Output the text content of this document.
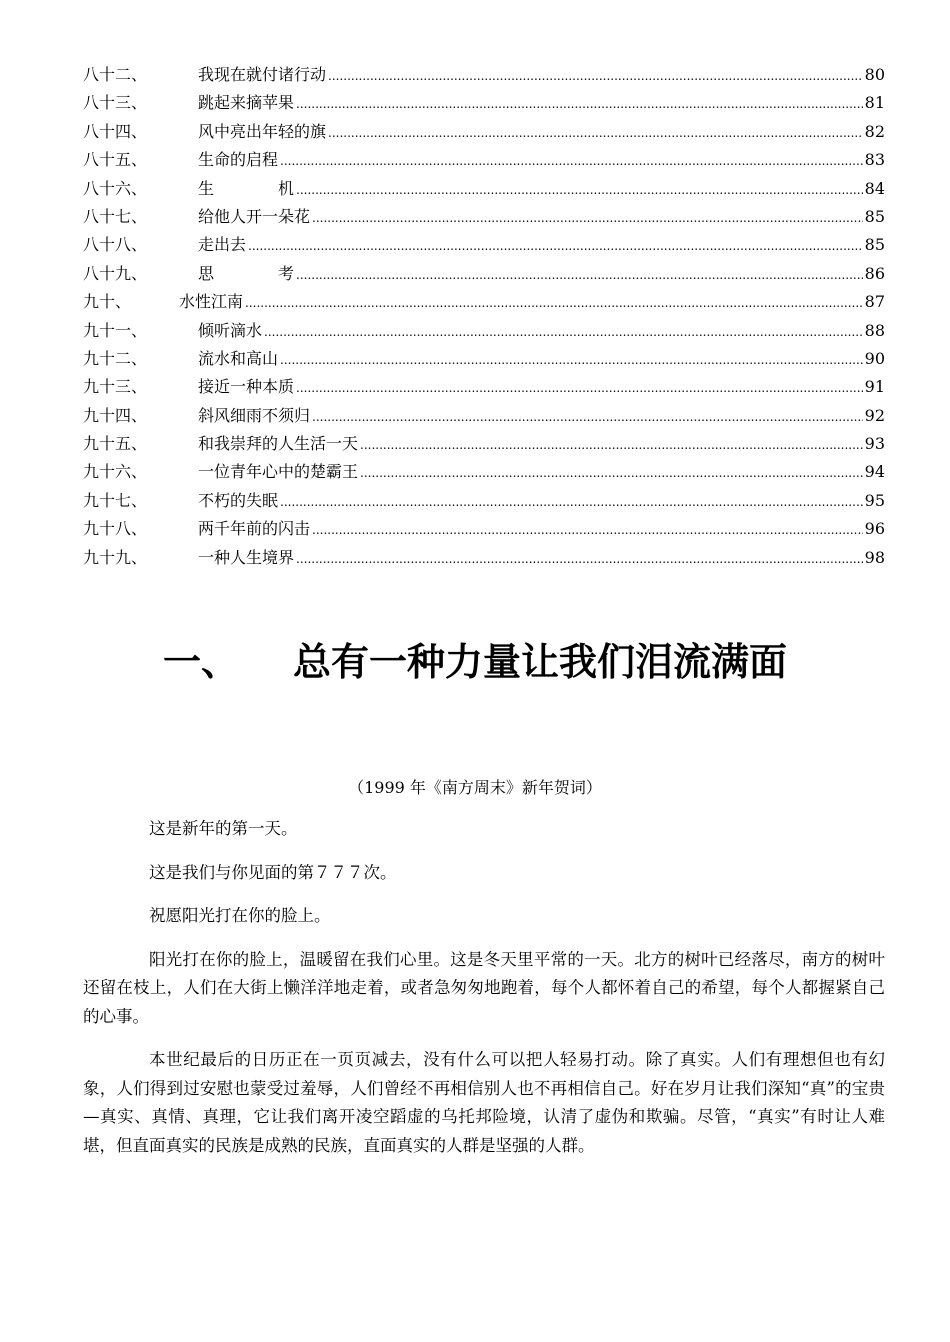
八十二、	我现在就付诸行动 .....	80
八十三、	跳起来摘苹果 .....	81
八十四、	风中亮出年轻的旗 .....	82
八十五、	生命的启程 .....	83
八十六、	生机 .....	84
八十七、	给他人开一朵花 .....	85
八十八、	走出去 .....	85
八十九、	思考 .....	86
九十、	水性江南 .....	87
九十一、	倾听滴水 .....	88
九十二、	流水和高山 .....	90
九十三、	接近一种本质 .....	91
九十四、	斜风细雨不须归 .....	92
九十五、	和我崇拜的人生活一天 .....	93
九十六、	一位青年心中的楚霸王 .....	94
九十七、	不朽的失眠 .....	95
九十八、	两千年前的闪击 .....	96
九十九、	一种人生境界 .....	98
一、 总有一种力量让我们泪流满面
（1999 年《南方周末》新年贺词）

这是新年的第一天。

这是我们与你见面的第７７７次。

祝愿阳光打在你的脸上。

阳光打在你的脸上，温暖留在我们心里。这是冬天里平常的一天。北方的树叶已经落尽，南方的树叶还留在枝上，人们在大街上懒洋洋地走着，或者急匆匆地跑着，每个人都怀着自己的希望，每个人都握紧自己的心事。

本世纪最后的日历正在一页页减去，没有什么可以把人轻易打动。除了真实。人们有理想但也有幻象，人们得到过安慰也蒙受过羞辱，人们曾经不再相信别人也不再相信自己。好在岁月让我们深知“真”的宝贵—真实、真情、真理，它让我们离开凌空蹈虚的乌托邦险境，认清了虚伪和欺骗。尽管，“真实”有时让人难堪，但直面真实的民族是成熟的民族，直面真实的人群是坚强的人群。
